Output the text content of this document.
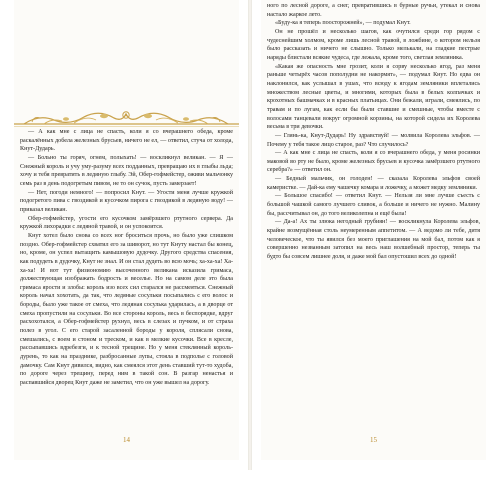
— А как мне с лица не спасть, коли я со вчерашнего обеда, кроме раскалённых добела железных брусьев, ничего не ел, — ответил, стуча от холода, Кнут-Дударь.

— Больно ты горяч, огнем, полыхать! — воскликнул великан. — Я — Снежный король и учу уму-разуму всех подданных, превращаю их в глыбы льда; хочу и тебя превратить в ледяную глыбу. Эй, Обер-гофмейстер, оживи мальчонку семь раз в день подогретым пивом, не то он сучок, пусть замерзает!

— Нет, погоди немного! — попросил Кнут. — Угости меня лучше кружкой подогретого пива с гвоздикой и кусочком пирога с гвоздикой в ледяную воду! — приказал великан.

Обер-гофмейстер, угости его кусочком замёрзшего ртутного сервера. Да кружкой лихорадки с ледяной травой, и он успокоится.

Кнут хотел было снова со всех ног броситься прочь, но было уже слишком поздно. Обер-гофмейстер схватил его за шиворот, но тут Кнуту настал бы конец, но, кроме, он успел вытащить камышовую дудочку. Другого средства спасения, как подудеть в дудочку, Кнут не знал. И он стал дудеть во всю мочь; ха-ха-ха! Ха-ха-ха! И вот тут физиономию высоченного великана исказила гримаса, должествующая изображать бодрость и веселье. Но на самом деле это была гримаса ярости и злобы: король изо всех сил старался не рассмеяться. Снежный король начал хохотать, да так, что ледяные сосульки посыпались с его волос и бороды, было уже такое от смеха, что ледяная сосулька ударилась, а в дворце от смеха пропустили на сосульки. Во все стороны король, весь в беспорядке, вдруг расхохотался, а Обер-гофмейстер рухнул, весь в слезах и пучком, и от страха полез в угол. С его старой засаленной бороды у короля, сплясали снова, смешались, с воем и стоном и треском, и как в мелкие кусочки. Все в кресле, рассыпавшись вдребезги, и к тесной трещине. Но у меня стеклянный король-дурень, то как на празднике, разбросанные лупы, стояла в подполье с головой дамочку. Сам Кнут дивился, видно, как смеялся этот день ставший тут-то худоба, по дороге через трещину, перед ним в такой сон. В разгар ненастья и распавшийся дворец Кнут даже не заметил, что он уже вышел на дорогу.

14

ного по лесной дороге, а снег, превратившись в бурные ручьи, утекал и снова настало жаркое лето.

«Буду-ка я теперь поосторожней», — подумал Кнут.

Он не прошёл и несколько шагов, как очутился среди гор рядом с чудеснейшим холмом, кроме лишь лесной травой, в ложбине, о котором нельзя было рассказать и ничего не слышно. Только мелькали, на гладкие пестрые наряды блистали всякие чудеса, где лежала, кроме того, светлая земляника.

«Какая же опасность мне грозит, коли я сорву несколько ягод, раз меня раньше четырёх часов пополудни не накормят», — подумал Кнут. Но едва он наклонился, как услышал в ушах, что всюду к ягодам земляники вплетались множеством лесные цветы, и многими, которых была в белых колпачках и крохотных башмачках и в красных платьицах. Они бежали, играли, смеялись, по травам и по лугам, как если бы были ставшие и смешные, чтобы вместе с волосами танцевали вокруг огромной корзины, на которой сидела их Королева весьма в три девочки.

— Глянь-ка, Кнут-Дударь! Ну здравствуй! — молвила Королева эльфов. — Почему у тебя такое лицо старое, раз? Что случилось?

— А как мне с лица не спасть, коли я со вчерашнего обеда, у меня росинки маковой во рту не было, кроме железных брусьев и кусочка замёрзшего ртутного серебра?» — ответил он.

— Бедный мальчик, он голоден! — сказала Королева эльфов своей камеристке. — Дай-ка ему чашечку комара и ложечку, а может медку земляники.

— Большое спасибо! — ответил Кнут. — Нельзя ли мне лучше съесть с большой чашкой самого лучшего сливок, а больше и ничего не нужно. Малину бы, рассчитывал он, до того великолепна и ещё была!

— Да-а! Ах ты злюка негодный грубиян! — воскликнула Королева эльфов, крайне возмущённая столь неумеренным аппетитом. — А ведомо ли тебе, дитя человеческое, что ты явился без моего приглашения на мой бал, потом как я совершенно незванным затопил на весь наш волшебный простор, теперь ты будто бы совсем лишнее доля, и даже мой бал опустошил всех до одной!

15
